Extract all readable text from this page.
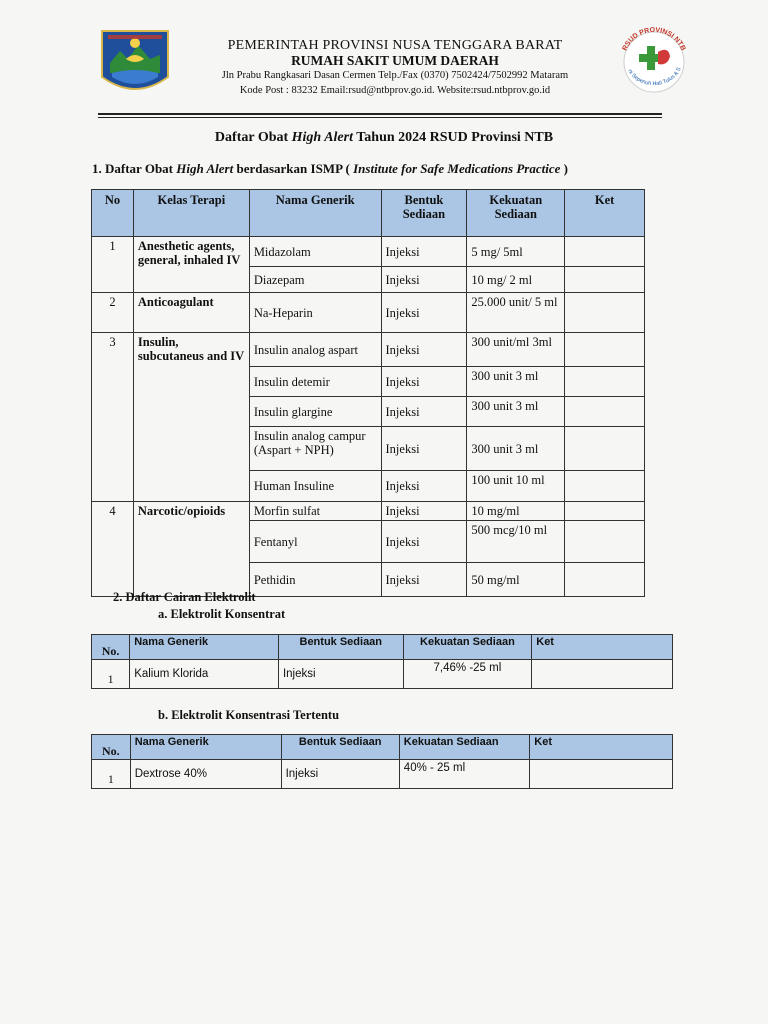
PEMERINTAH PROVINSI NUSA TENGGARA BARAT
RUMAH SAKIT UMUM DAERAH
Jln Prabu Rangkasari Dasan Cermen Telp./Fax (0370) 7502424/7502992 Mataram
Kode Post : 83232 Email:rsud@ntbprov.go.id. Website:rsud.ntbprov.go.id
RSUD PROVINSI NTB
ni Sepenuh Hati Tulus & S
Daftar Obat High Alert Tahun 2024 RSUD Provinsi NTB
1. Daftar Obat High Alert berdasarkan ISMP ( Institute for Safe Medications Practice )
No	Kelas Terapi	Nama Generik	Bentuk Sediaan	Kekuatan Sediaan	Ket
1	Anesthetic agents, general, inhaled IV	Midazolam	Injeksi	5 mg/ 5ml	
		Diazepam	Injeksi	10 mg/ 2 ml	
2	Anticoagulant	Na-Heparin	Injeksi	25.000 unit/ 5 ml	
3	Insulin, subcutaneus and IV	Insulin analog aspart	Injeksi	300 unit/ml 3ml	
		Insulin detemir	Injeksi	300 unit 3 ml	
		Insulin glargine	Injeksi	300 unit 3 ml	
		Insulin analog campur (Aspart + NPH)	Injeksi	300 unit 3 ml	
		Human Insuline	Injeksi	100 unit 10 ml	
4	Narcotic/opioids	Morfin sulfat	Injeksi	10 mg/ml	
		Fentanyl	Injeksi	500 mcg/10 ml	
		Pethidin	Injeksi	50 mg/ml	
2. Daftar Cairan Elektrolit
a. Elektrolit Konsentrat
No.	Nama Generik	Bentuk Sediaan	Kekuatan Sediaan	Ket
1	Kalium Klorida	Injeksi	7,46% -25 ml	
b. Elektrolit Konsentrasi Tertentu
No.	Nama Generik	Bentuk Sediaan	Kekuatan Sediaan	Ket
1	Dextrose 40%	Injeksi	40% - 25 ml	
